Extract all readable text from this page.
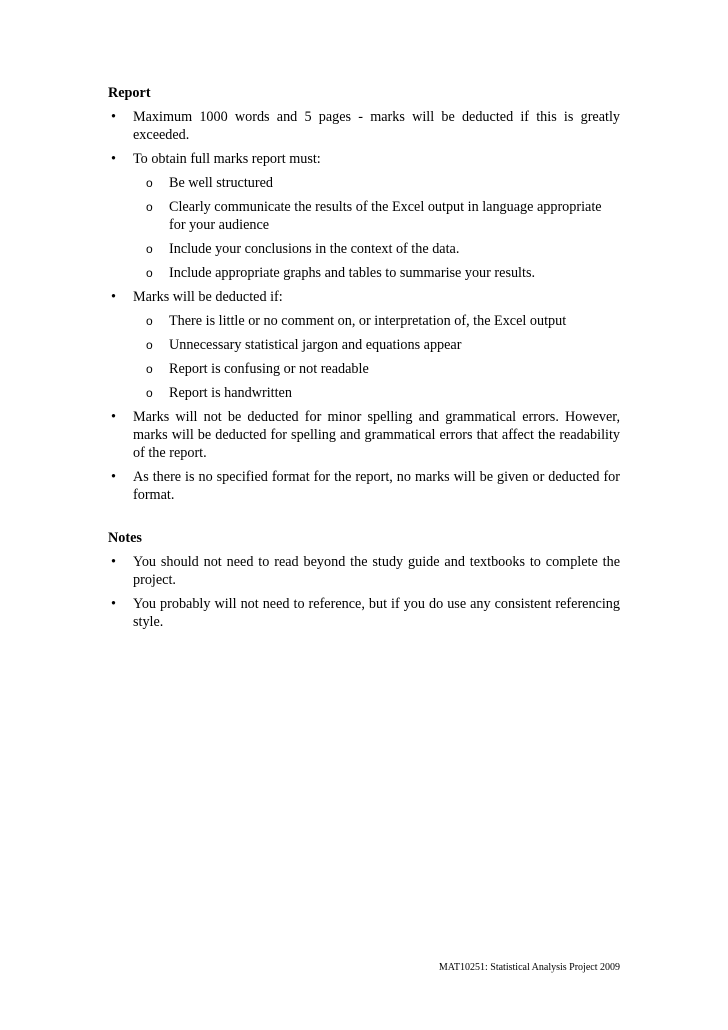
Report
•	Maximum 1000 words and 5 pages - marks will be deducted if this is greatly exceeded.
•	To obtain full marks report must:
o Be well structured
o Clearly communicate the results of the Excel output in language appropriate for your audience
o Include your conclusions in the context of the data.
o Include appropriate graphs and tables to summarise your results.
•	Marks will be deducted if:
o There is little or no comment on, or interpretation of, the Excel output
o Unnecessary statistical jargon and equations appear
o Report is confusing or not readable
o Report is handwritten
•	Marks will not be deducted for minor spelling and grammatical errors. However, marks will be deducted for spelling and grammatical errors that affect the readability of the report.
•	As there is no specified format for the report, no marks will be given or deducted for format.
Notes
•	You should not need to read beyond the study guide and textbooks to complete the project.
•	You probably will not need to reference, but if you do use any consistent referencing style.
MAT10251: Statistical Analysis Project 2009
